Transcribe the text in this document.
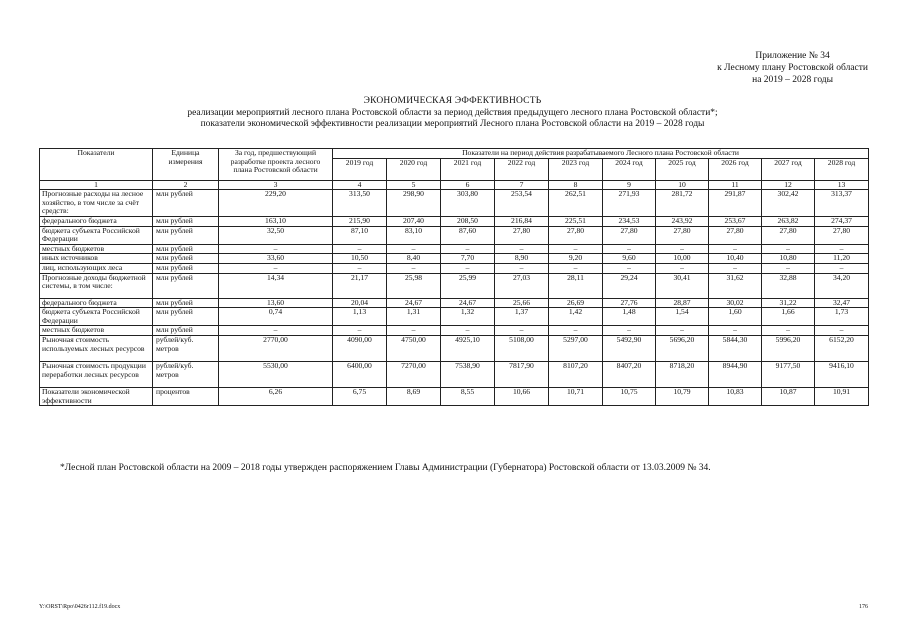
Приложение № 34
к Лесному плану Ростовской области
на 2019 – 2028 годы
ЭКОНОМИЧЕСКАЯ ЭФФЕКТИВНОСТЬ
реализации мероприятий лесного плана Ростовской области за период действия предыдущего лесного плана Ростовской области*;
показатели экономической эффективности реализации мероприятий Лесного плана Ростовской области на 2019 – 2028 годы
Показатели	Единица измерения	За год, предшествующий разработке проекта лесного плана Ростовской области	Показатели на период действия разрабатываемого Лесного плана Ростовской области									
			2019 год	2020 год	2021 год	2022 год	2023 год	2024 год	2025 год	2026 год	2027 год	2028 год
1	2	3	4	5	6	7	8	9	10	11	12	13
Прогнозные расходы на лесное хозяйство, в том числе за счёт средств:	млн рублей	229,20	313,50	298,90	303,80	253,54	262,51	271,93	281,72	291,87	302,42	313,37
федерального бюджета	млн рублей	163,10	215,90	207,40	208,50	216,84	225,51	234,53	243,92	253,67	263,82	274,37
бюджета субъекта Российской Федерации	млн рублей	32,50	87,10	83,10	87,60	27,80	27,80	27,80	27,80	27,80	27,80	27,80
местных бюджетов	млн рублей	–	–	–	–	–	–	–	–	–	–	–
иных источников	млн рублей	33,60	10,50	8,40	7,70	8,90	9,20	9,60	10,00	10,40	10,80	11,20
лиц, использующих леса	млн рублей	–	–	–	–	–	–	–	–	–	–	–
Прогнозные доходы бюджетной системы, в том числе:	млн рублей	14,34	21,17	25,98	25,99	27,03	28,11	29,24	30,41	31,62	32,88	34,20
федерального бюджета	млн рублей	13,60	20,04	24,67	24,67	25,66	26,69	27,76	28,87	30,02	31,22	32,47
бюджета субъекта Российской Федерации	млн рублей	0,74	1,13	1,31	1,32	1,37	1,42	1,48	1,54	1,60	1,66	1,73
местных бюджетов	млн рублей	–	–	–	–	–	–	–	–	–	–	–
Рыночная стоимость используемых лесных ресурсов	рублей/куб. метров	2770,00	4090,00	4750,00	4925,10	5108,00	5297,00	5492,90	5696,20	5844,30	5996,20	6152,20
Рыночная стоимость продукции переработки лесных ресурсов	рублей/куб. метров	5530,00	6400,00	7270,00	7538,90	7817,90	8107,20	8407,20	8718,20	8944,90	9177,50	9416,10
Показатели экономической эффективности	процентов	6,26	6,75	8,69	8,55	10,66	10,71	10,75	10,79	10,83	10,87	10,91
*Лесной план Ростовской области на 2009 – 2018 годы утвержден распоряжением Главы Администрации (Губернатора) Ростовской области от 13.03.2009 № 34.
Y:\ORST\Rpo\0426r112.f19.docx	176
